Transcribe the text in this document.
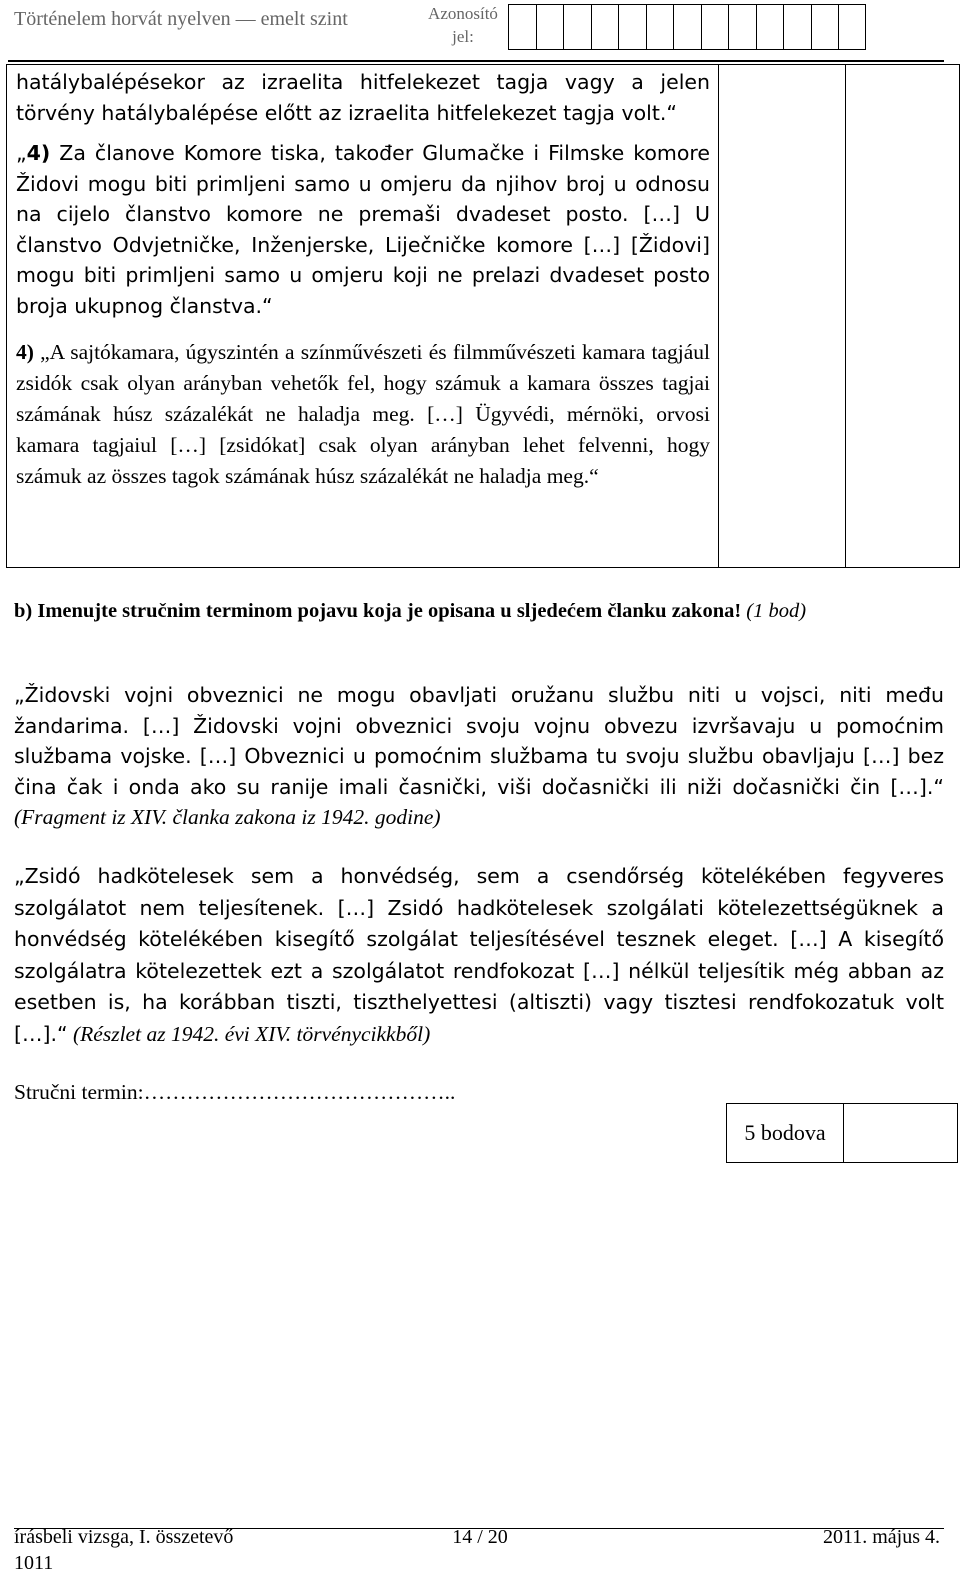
Történelem horvát nyelven — emelt szint	Azonosító
jel:

hatálybalépésekor az izraelita hitfelekezet tagja vagy a jelen törvény hatálybalépése előtt az izraelita hitfelekezet tagja volt.“

„4) Za članove Komore tiska, također Glumačke i Filmske komore Židovi mogu biti primljeni samo u omjeru da njihov broj u odnosu na cijelo članstvo komore ne premaši dvadeset posto. […] U članstvo Odvjetničke, Inženjerske, Liječničke komore […] [Židovi] mogu biti primljeni samo u omjeru koji ne prelazi dvadeset posto broja ukupnog članstva.“

4) „A sajtókamara, úgyszintén a színművészeti és filmművészeti kamara tagjául zsidók csak olyan arányban vehetők fel, hogy számuk a kamara összes tagjai számának húsz százalékát ne haladja meg. […] Ügyvédi, mérnöki, orvosi kamara tagjaiul […] [zsidókat] csak olyan arányban lehet felvenni, hogy számuk az összes tagok számának húsz százalékát ne haladja meg.“

b) Imenujte stručnim terminom pojavu koja je opisana u sljedećem članku zakona! (1 bod)

„Židovski vojni obveznici ne mogu obavljati oružanu službu niti u vojsci, niti među žandarima. […] Židovski vojni obveznici svoju vojnu obvezu izvršavaju u pomoćnim službama vojske. […] Obveznici u pomoćnim službama tu svoju službu obavljaju […] bez čina čak i onda ako su ranije imali časnički, viši dočasnički ili niži dočasnički čin […].“ (Fragment iz XIV. članka zakona iz 1942. godine)

„Zsidó hadkötelesek sem a honvédség, sem a csendőrség kötelékében fegyveres szolgálatot nem teljesítenek. […] Zsidó hadkötelesek szolgálati kötelezettségüknek a honvédség kötelékében kisegítő szolgálat teljesítésével tesznek eleget. […] A kisegítő szolgálatra kötelezettek ezt a szolgálatot rendfokozat […] nélkül teljesítik még abban az esetben is, ha korábban tiszti, tiszthelyettesi (altiszti) vagy tisztesi rendfokozatuk volt […].“ (Részlet az 1942. évi XIV. törvénycikkből)

Stručni termin:……………………………………..

5 bodova
írásbeli vizsga, I. összetevő
1011
14 / 20	2011. május 4.
